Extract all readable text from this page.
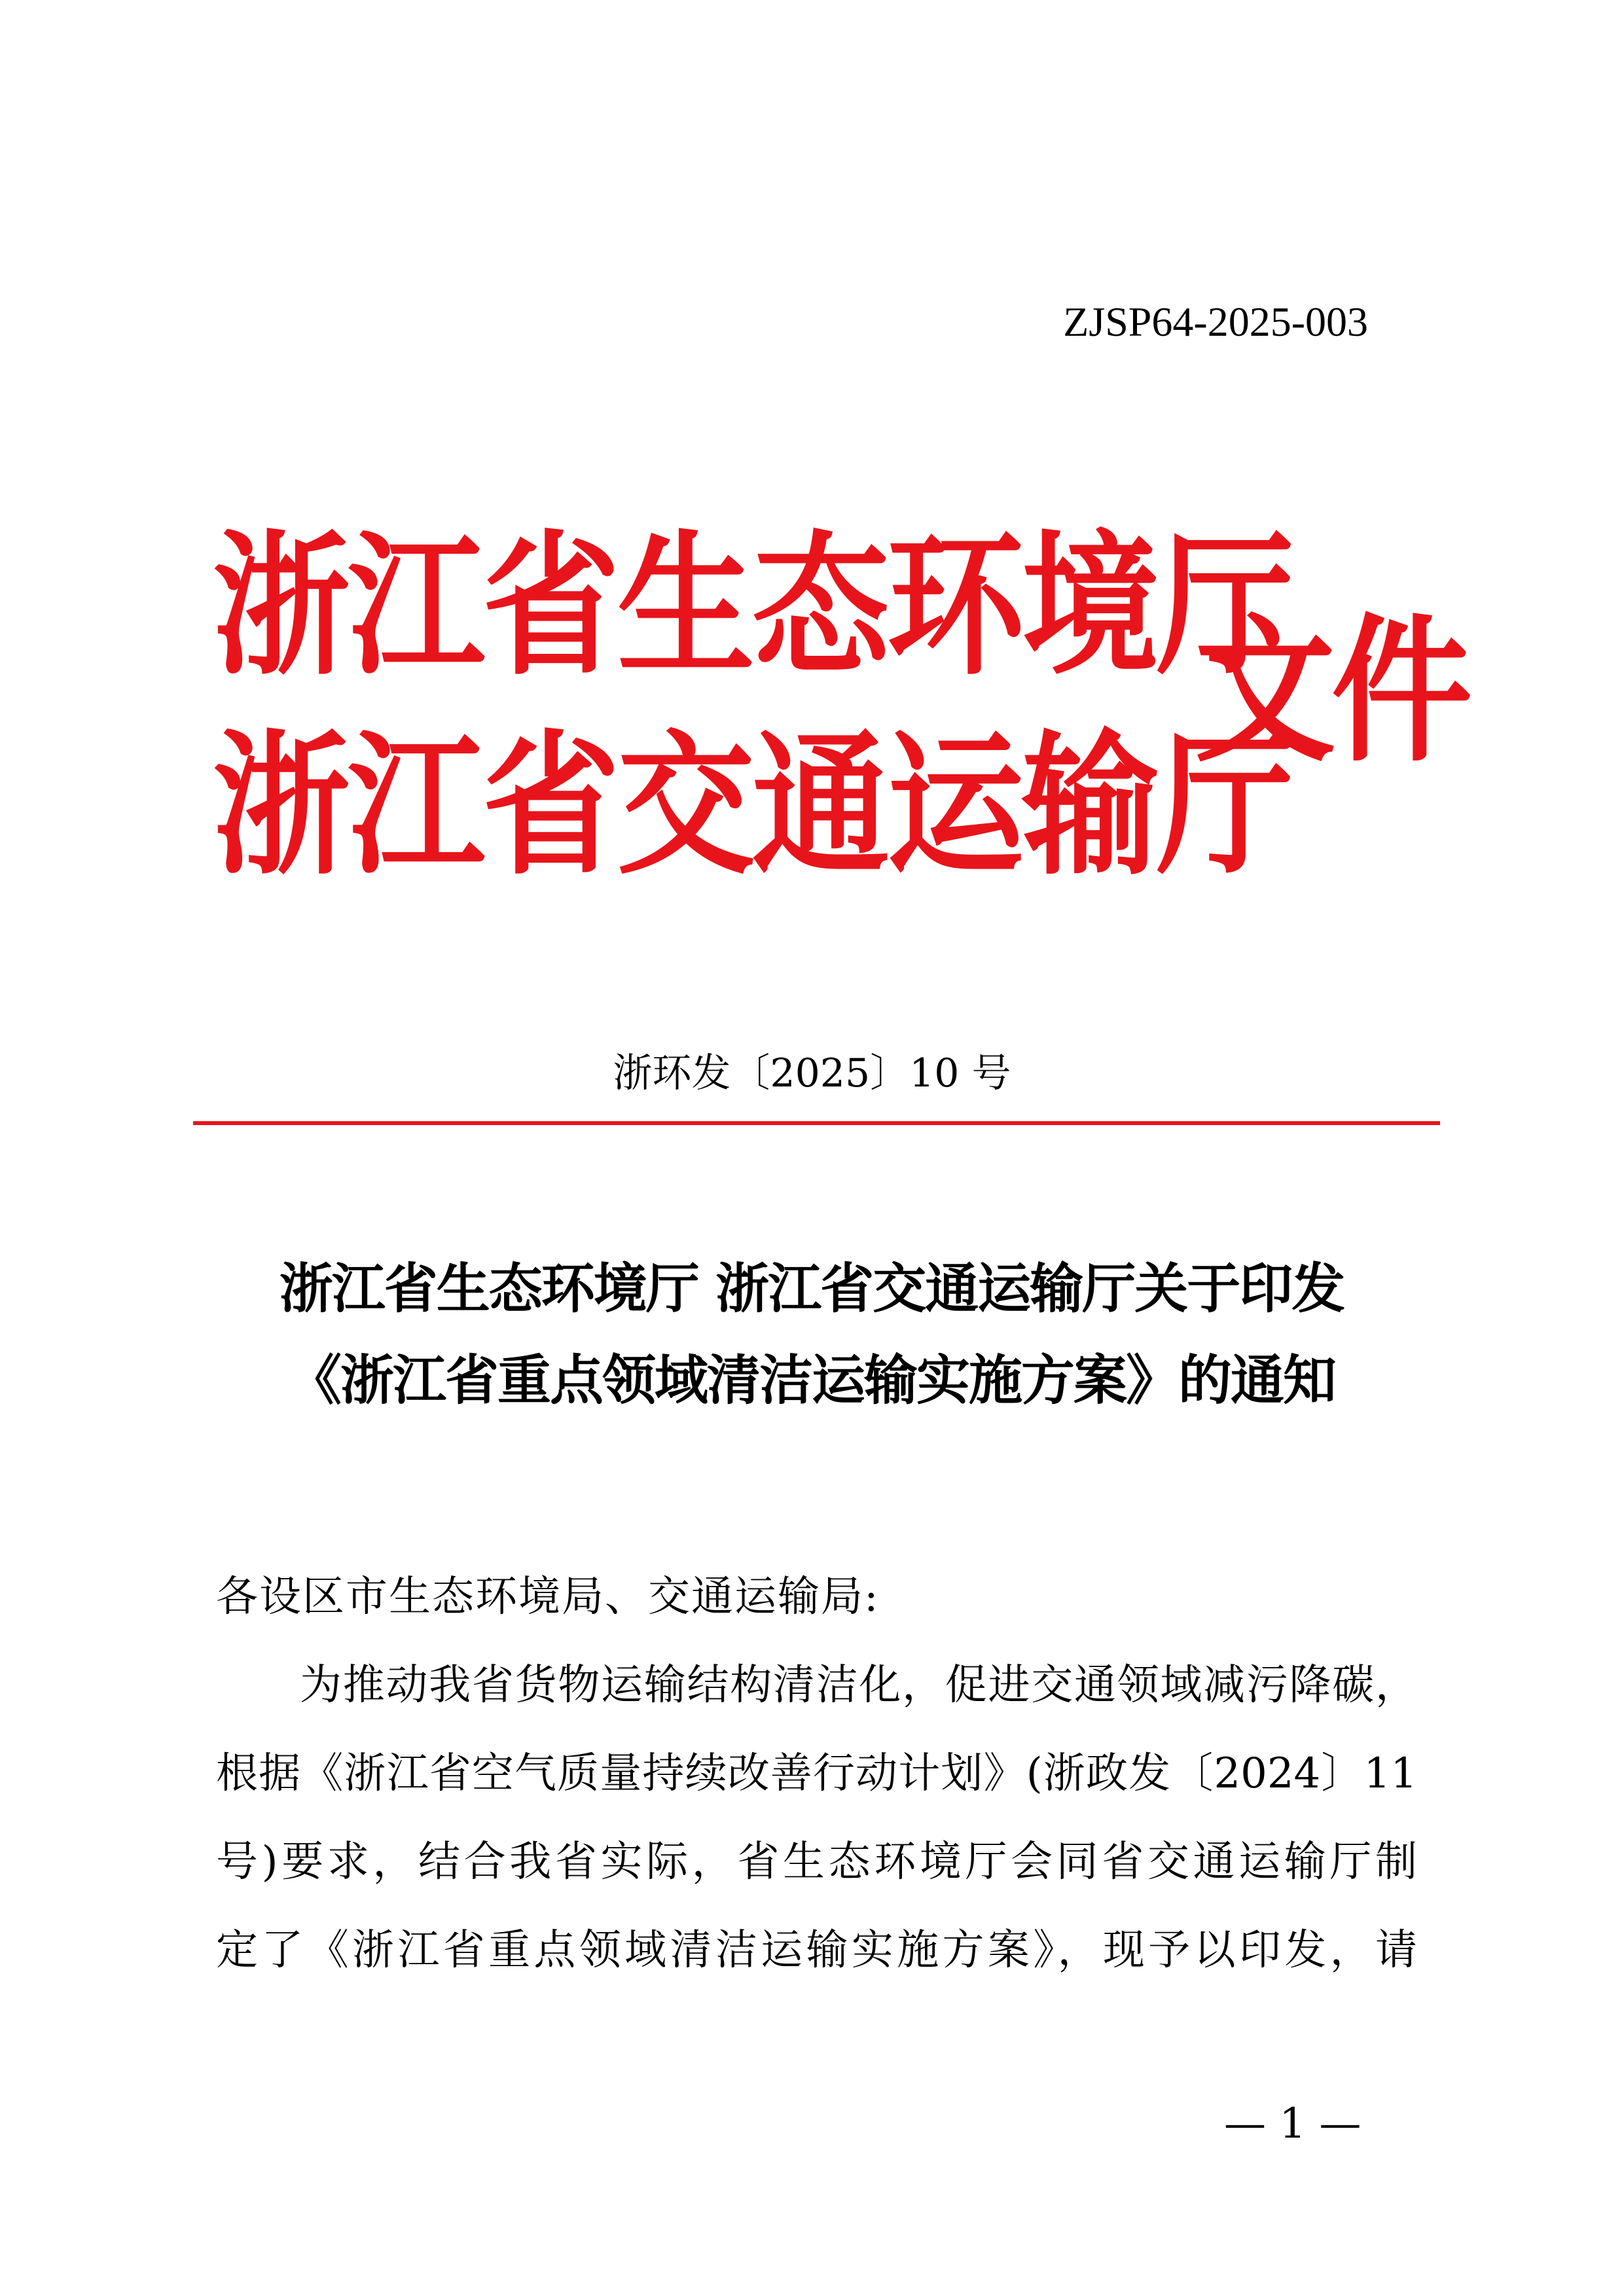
ZJSP64-2025-003
浙江省生态环境厅
浙江省交通运输厅
文件
浙环发〔2025〕10 号
浙江省生态环境厅 浙江省交通运输厅关于印发
《浙江省重点领域清洁运输实施方案》的通知
各设区市生态环境局、交通运输局:
为推动我省货物运输结构清洁化，促进交通领域减污降碳，
根据《浙江省空气质量持续改善行动计划》(浙政发〔2024〕11
号)要求，结合我省实际，省生态环境厅会同省交通运输厅制
定了《浙江省重点领域清洁运输实施方案》，现予以印发，请
— 1 —
